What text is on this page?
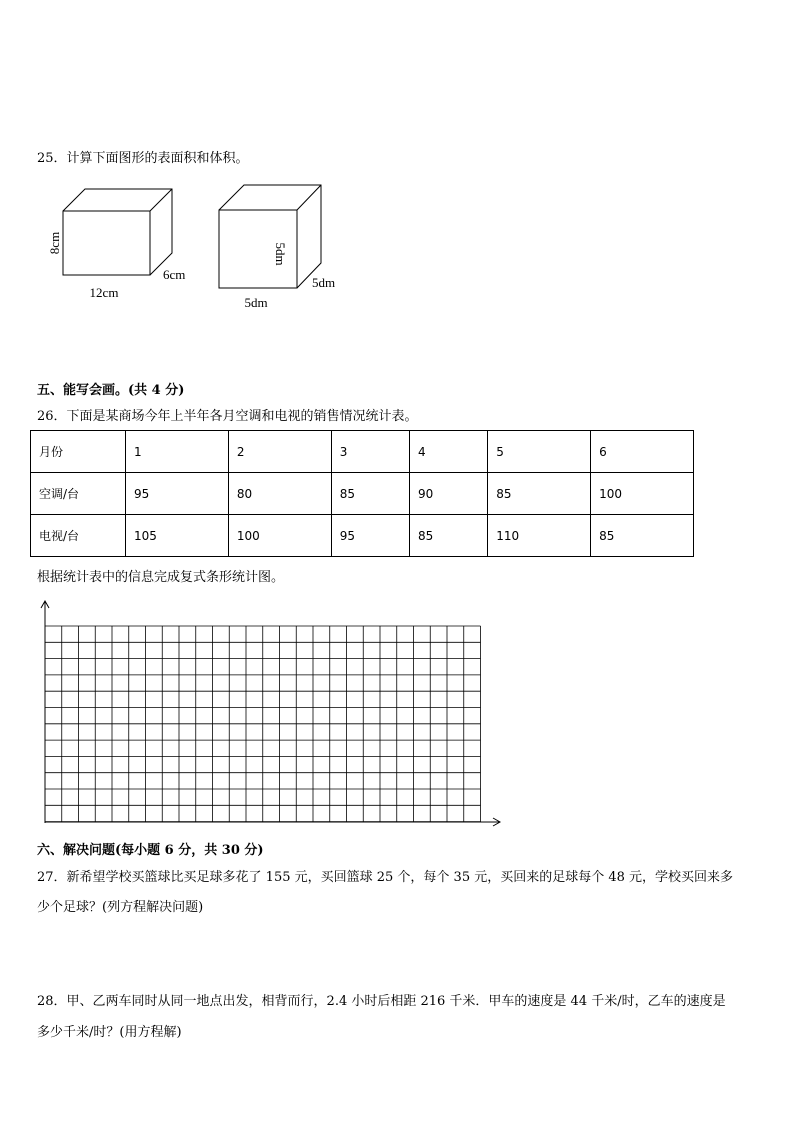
25．计算下面图形的表面积和体积。
8cm
12cm
6cm
5dm
5dm
5dm
五、能写会画。(共 4 分)
26．下面是某商场今年上半年各月空调和电视的销售情况统计表。
月份	1	2	3	4	5	6
空调/台	95	80	85	90	85	100
电视/台	105	100	95	85	110	85
根据统计表中的信息完成复式条形统计图。
六、解决问题(每小题 6 分，共 30 分)
27．新希望学校买篮球比买足球多花了 155 元，买回篮球 25 个，每个 35 元，买回来的足球每个 48 元，学校买回来多
少个足球？(列方程解决问题)
28．甲、乙两车同时从同一地点出发，相背而行，2.4 小时后相距 216 千米．甲车的速度是 44 千米/时，乙车的速度是
多少千米/时？(用方程解)
